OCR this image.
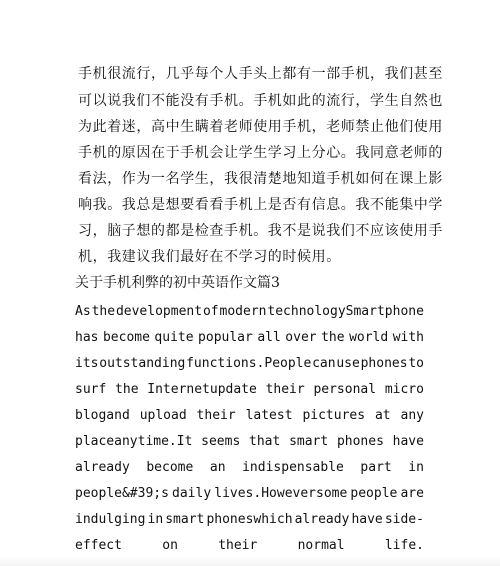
手机很流行，几乎每个人手头上都有一部手机，我们甚至
可以说我们不能没有手机。手机如此的流行，学生自然也
为此着迷，高中生瞒着老师使用手机，老师禁止他们使用
手机的原因在于手机会让学生学习上分心。我同意老师的
看法，作为一名学生，我很清楚地知道手机如何在课上影
响我。我总是想要看看手机上是否有信息。我不能集中学
习，脑子想的都是检查手机。我不是说我们不应该使用手
机，我建议我们最好在不学习的时候用。
关于手机利弊的初中英语作文篇3
As the development of modern technologySmartphone
has become quite popular all over the world with
its outstanding functions.People can use phones to
surf the Internetupdate their personal micro
blogand upload their latest pictures at any
placeanytime.It seems that smart phones have
already become an indispensable part in
people&#39;s daily lives.Howeversome people are
indulging in smart phoneswhich already have side-
effect	on	their	normal	life.
